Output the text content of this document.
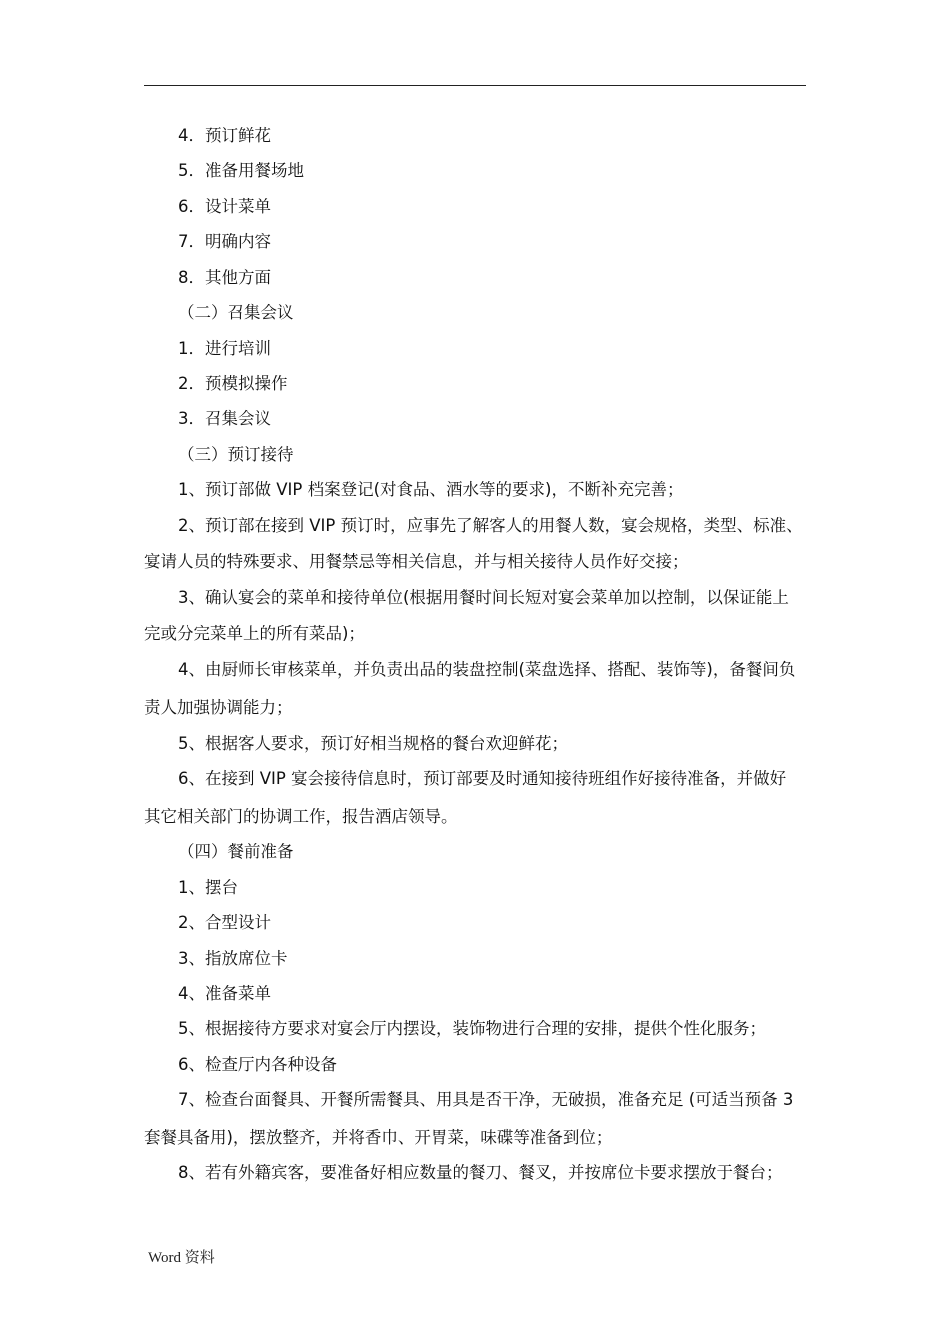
4．预订鲜花
5．准备用餐场地
6．设计菜单
7．明确内容
8．其他方面
（二）召集会议
1．进行培训
2．预模拟操作
3．召集会议
（三）预订接待
1、预订部做 VIP 档案登记(对食品、酒水等的要求)，不断补充完善；
2、预订部在接到 VIP 预订时，应事先了解客人的用餐人数，宴会规格，类型、标准、
宴请人员的特殊要求、用餐禁忌等相关信息，并与相关接待人员作好交接；
3、确认宴会的菜单和接待单位(根据用餐时间长短对宴会菜单加以控制，以保证能上
完或分完菜单上的所有菜品)；
4、由厨师长审核菜单，并负责出品的装盘控制(菜盘选择、搭配、装饰等)，备餐间负
责人加强协调能力；
5、根据客人要求，预订好相当规格的餐台欢迎鲜花；
6、在接到 VIP 宴会接待信息时，预订部要及时通知接待班组作好接待准备，并做好
其它相关部门的协调工作，报告酒店领导。
（四）餐前准备
1、摆台
2、合型设计
3、指放席位卡
4、准备菜单
5、根据接待方要求对宴会厅内摆设，装饰物进行合理的安排，提供个性化服务；
6、检查厅内各种设备
7、检查台面餐具、开餐所需餐具、用具是否干净，无破损，准备充足 (可适当预备 3
套餐具备用)，摆放整齐，并将香巾、开胃菜，味碟等准备到位；
8、若有外籍宾客，要准备好相应数量的餐刀、餐叉，并按席位卡要求摆放于餐台；
Word 资料
